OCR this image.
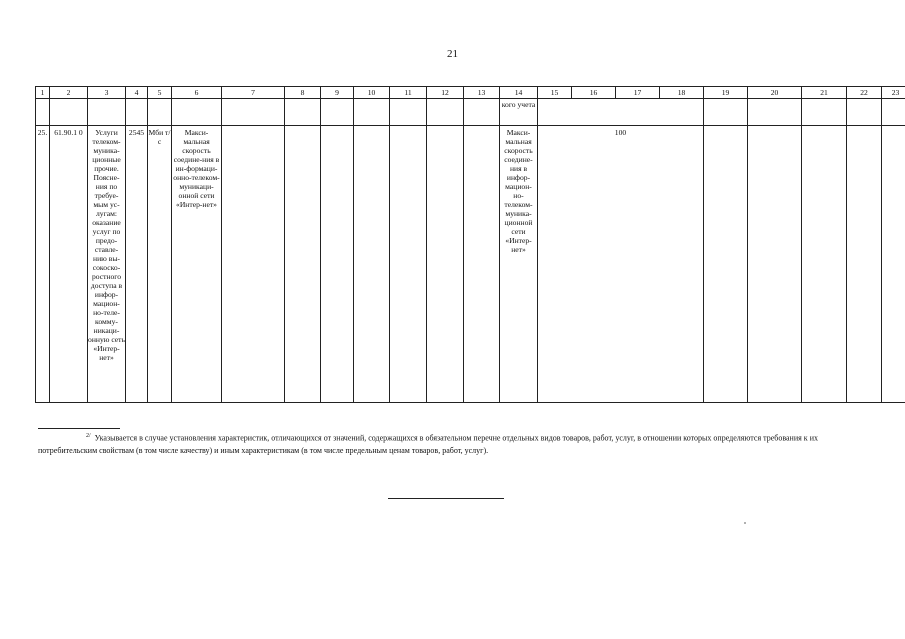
21
1	2	3	4	5	6	7	8	9	10	11	12	13	14	15	16	17	18	19	20	21	22	23
													кого учета									
25.	61.90.1 0	Услуги телеком-муника-ционные прочие. Поясне-ния по требуе-мым ус-лугам: оказание услуг по предо-ставле-нию вы-сокоско-ростного доступа в инфор-мацион-но-теле-комму-никаци-онную сеть «Интер-нет»	2545	Мби т/с	Макси-мальная скорость соедине-ния в ин-формаци-онно-телеком-муникаци-онной сети «Интер-нет»								Макси-мальная скорость соедине-ния в инфор-мацион-но-телеком-муника-ционной сети «Интер-нет»	100								
$^{2/}$ Указывается в случае установления характеристик, отличающихся от значений, содержащихся в обязательном перечне отдельных видов товаров, работ, услуг, в отношении которых определяются требования к их потребительским свойствам (в том числе качеству) и иным характеристикам (в том числе предельным ценам товаров, работ, услуг).
